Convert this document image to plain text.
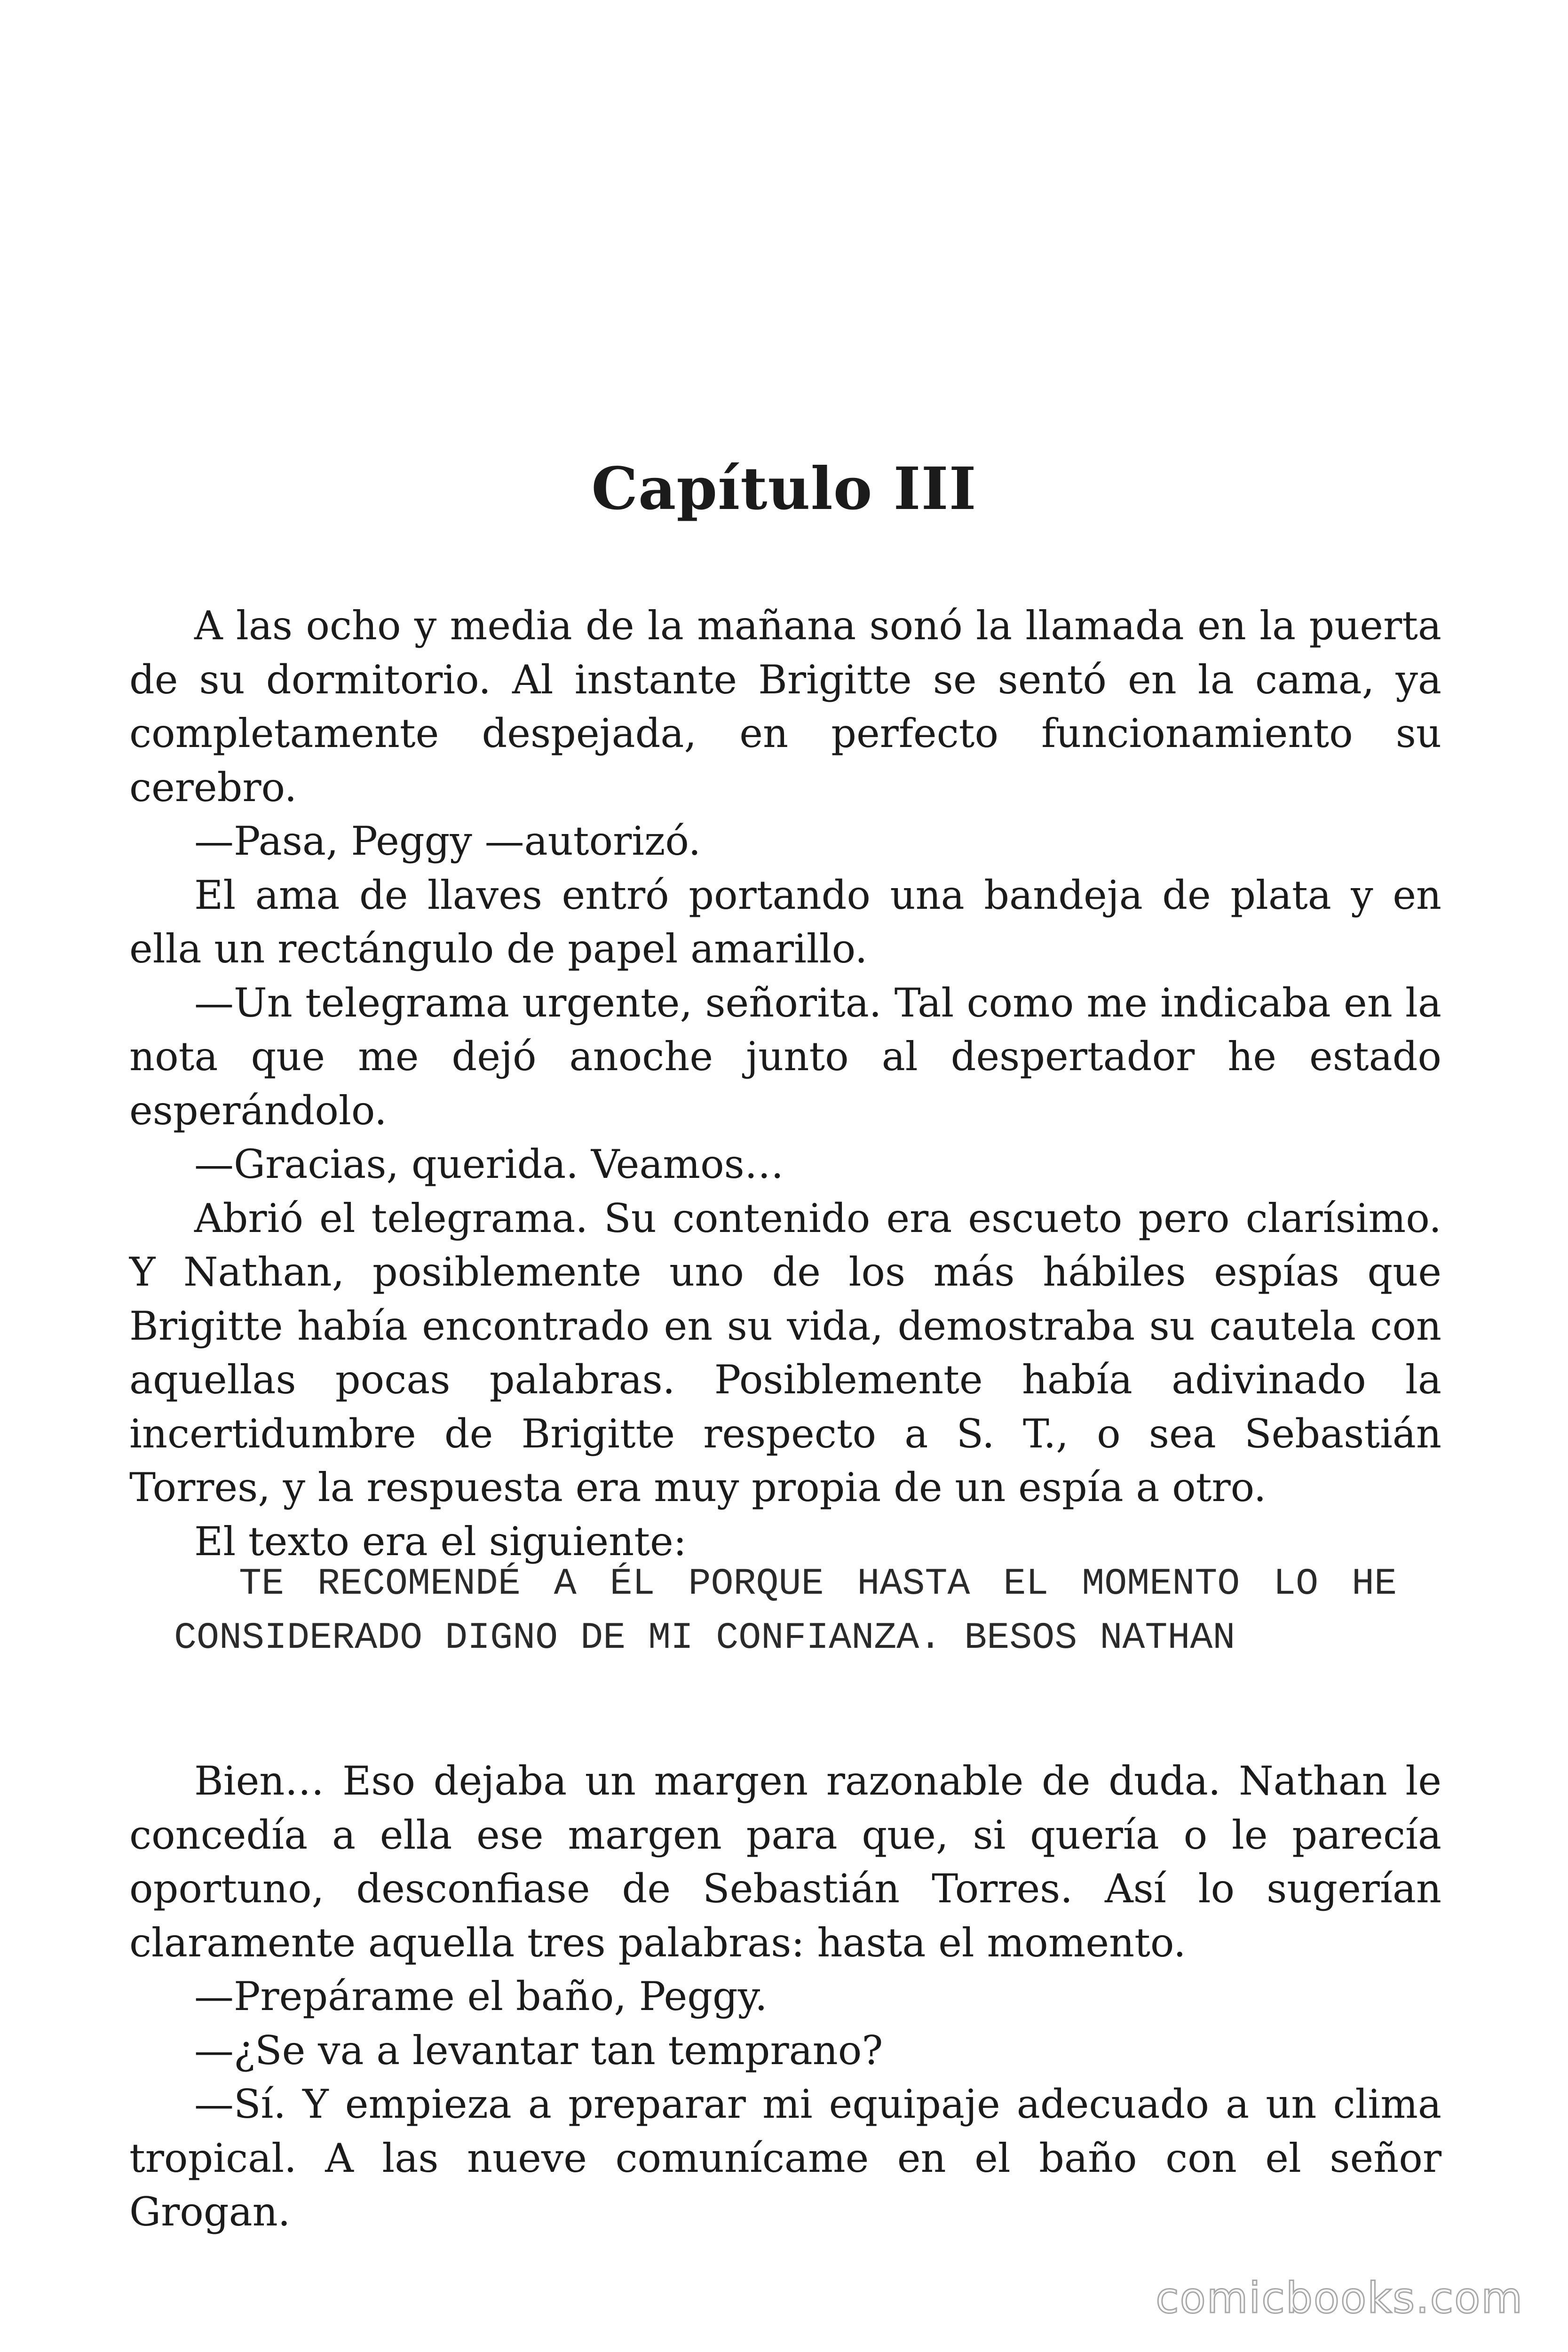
Capítulo III

A las ocho y media de la mañana sonó la llamada en la puerta de su dormitorio. Al instante Brigitte se sentó en la cama, ya completamente despejada, en perfecto funcionamiento su cerebro.

—Pasa, Peggy —autorizó.

El ama de llaves entró portando una bandeja de plata y en ella un rectángulo de papel amarillo.

—Un telegrama urgente, señorita. Tal como me indicaba en la nota que me dejó anoche junto al despertador he estado esperándolo.

—Gracias, querida. Veamos…

Abrió el telegrama. Su contenido era escueto pero clarísimo. Y Nathan, posiblemente uno de los más hábiles espías que Brigitte había encontrado en su vida, demostraba su cautela con aquellas pocas palabras. Posiblemente había adivinado la incertidumbre de Brigitte respecto a S. T., o sea Sebastián Torres, y la respuesta era muy propia de un espía a otro.

El texto era el siguiente:

TE RECOMENDÉ A ÉL PORQUE HASTA EL MOMENTO LO HE CONSIDERADO DIGNO DE MI CONFIANZA. BESOS NATHAN

Bien… Eso dejaba un margen razonable de duda. Nathan le concedía a ella ese margen para que, si quería o le parecía oportuno, desconfiase de Sebastián Torres. Así lo sugerían claramente aquella tres palabras: hasta el momento.

—Prepárame el baño, Peggy.

—¿Se va a levantar tan temprano?

—Sí. Y empieza a preparar mi equipaje adecuado a un clima tropical. A las nueve comunícame en el baño con el señor Grogan.

comicbooks.com
